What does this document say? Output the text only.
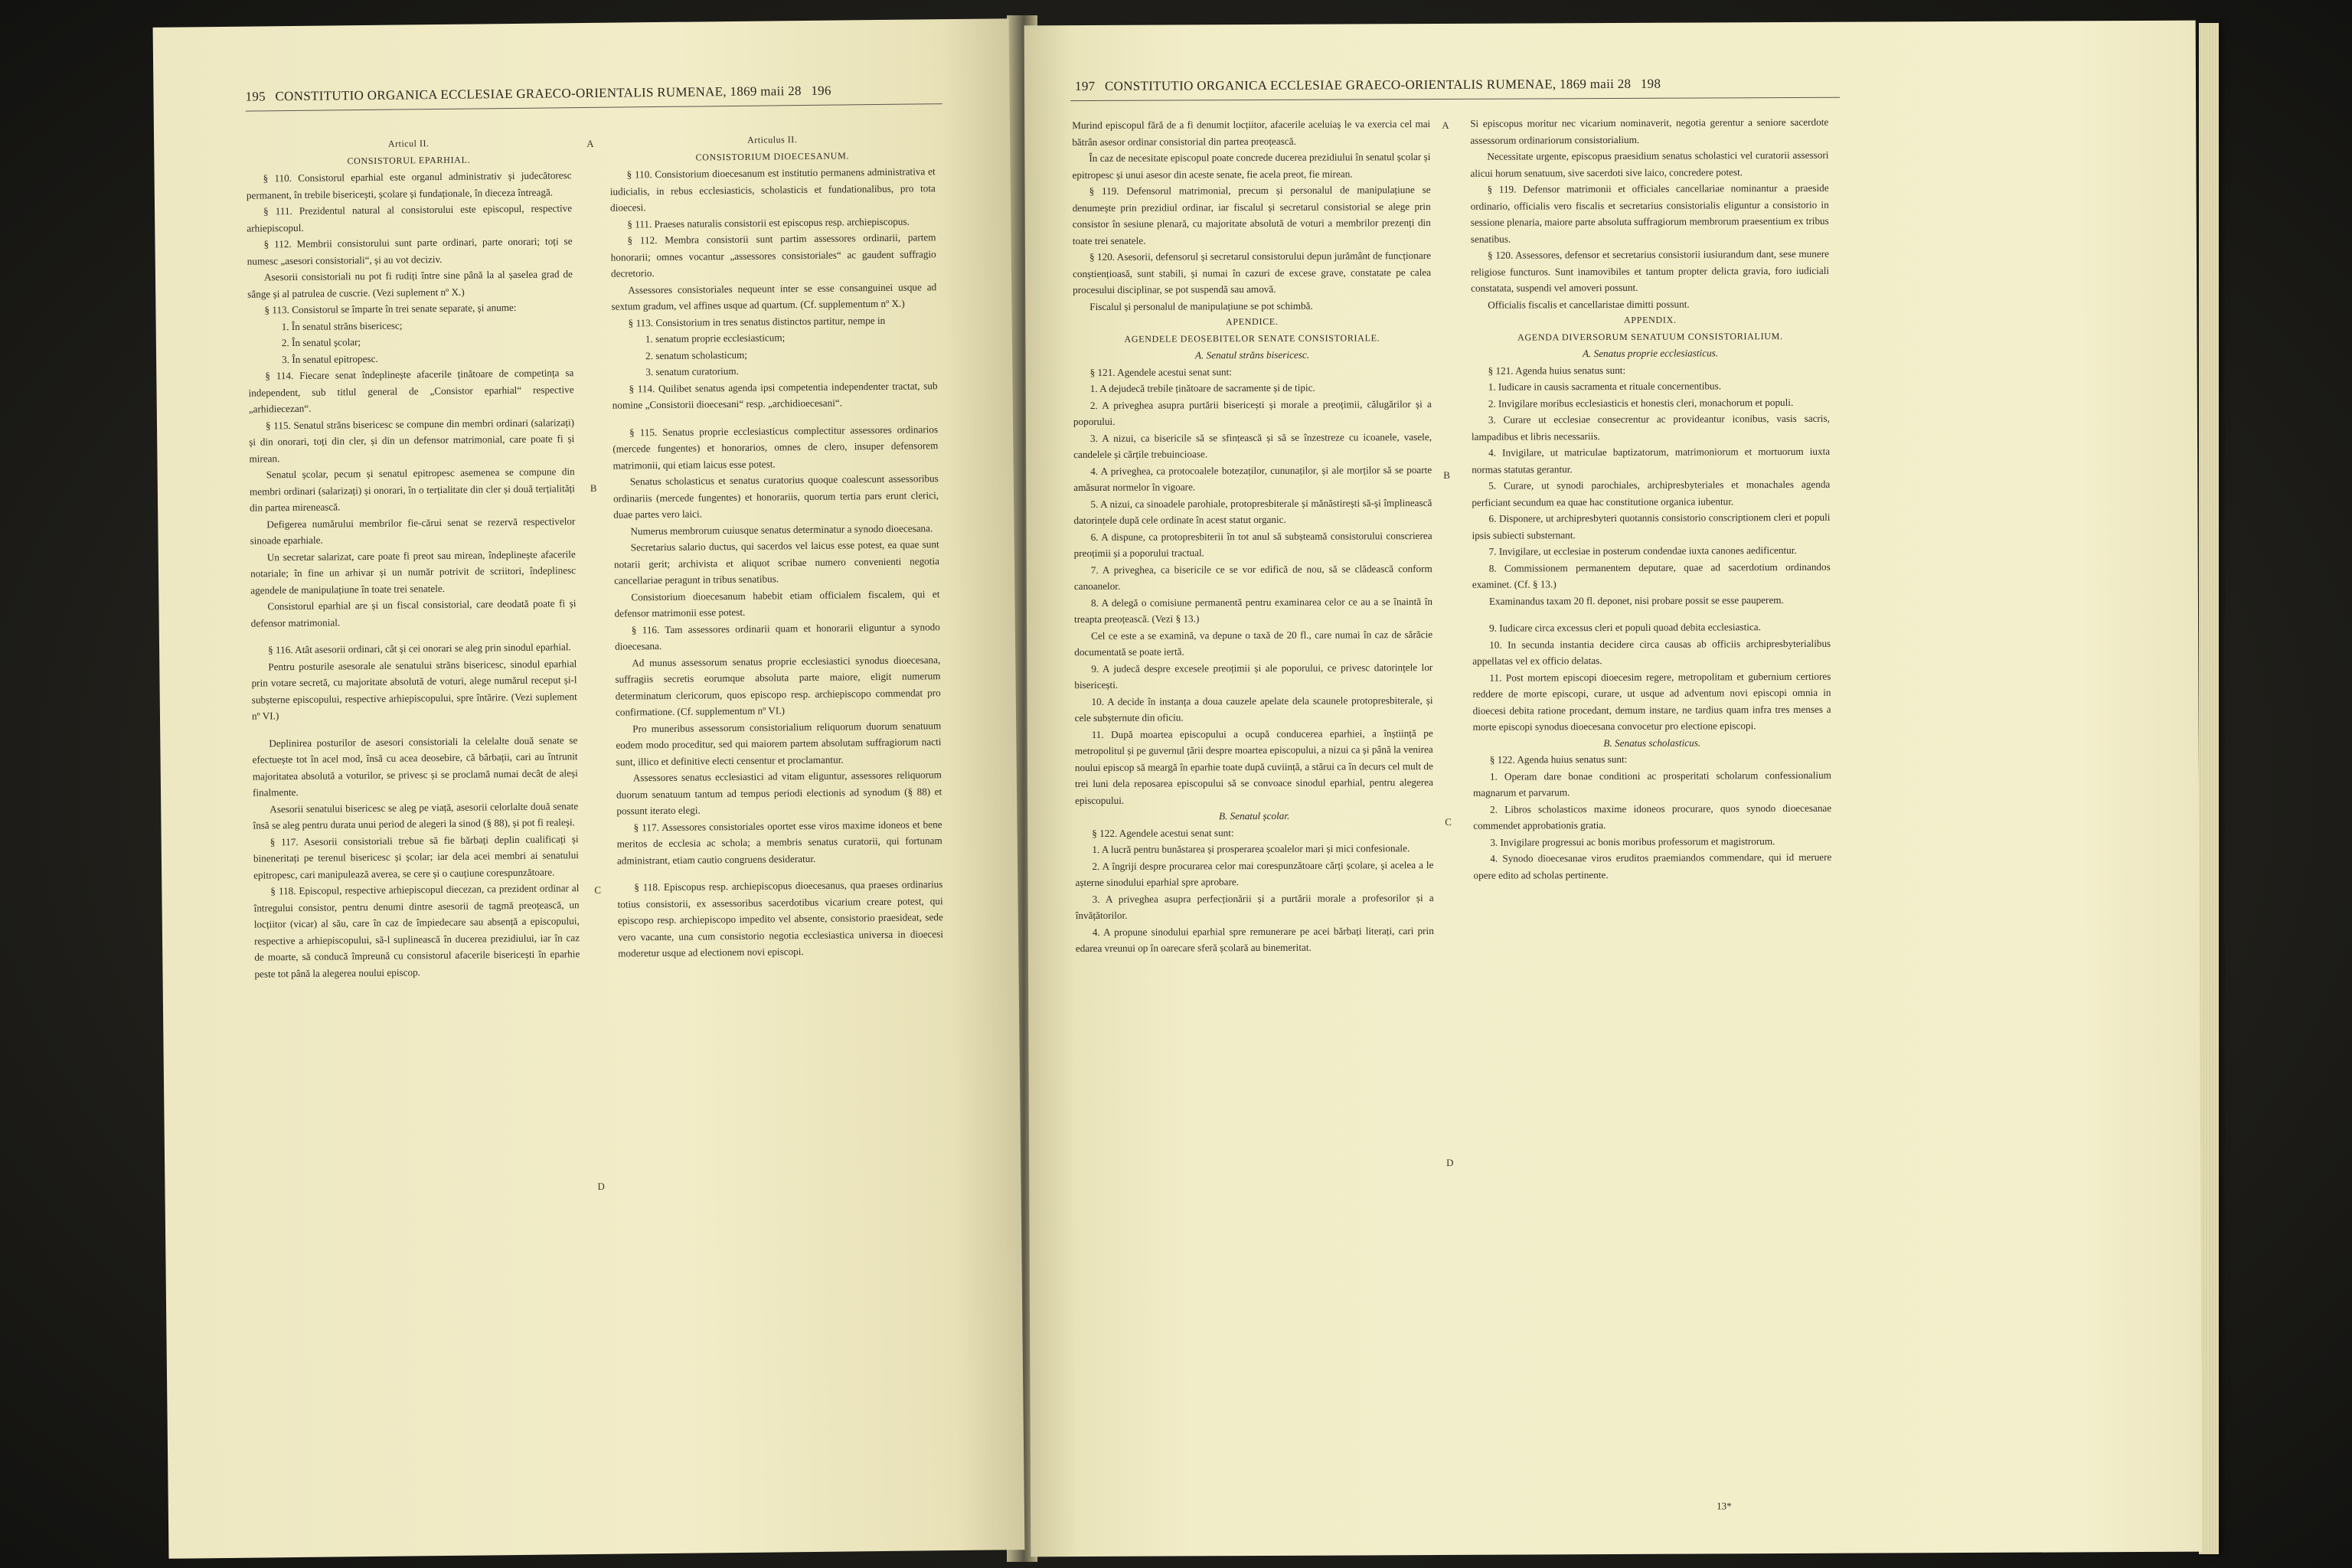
195 CONSTITUTIO ORGANICA ECCLESIAE GRAECO-ORIENTALIS RUMENAE, 1869 maii 28 196

Articul II.

CONSISTORUL EPARHIAL.

§ 110. Consistorul eparhial este organul administrativ și judecătoresc permanent, în trebile bisericești, școlare și fundaționale, în dieceza întreagă.

§ 111. Prezidentul natural al consistorului este episcopul, respective arhiepiscopul.

§ 112. Membrii consistorului sunt parte ordinari, parte onorari; toți se numesc „asesori consistoriali“, și au vot deciziv.

Asesorii consistoriali nu pot fi rudiți între sine până la al șaselea grad de sânge și al patrulea de cuscrie. (Vezi suplement nº X.)

§ 113. Consistorul se împarte în trei senate separate, și anume:

1. În senatul străns bisericesc;

2. În senatul școlar;

3. În senatul epitropesc.

§ 114. Fiecare senat îndeplinește afacerile ținătoare de competința sa independent, sub titlul general de „Consistor eparhial“ respective „arhidiecezan“.

§ 115. Senatul străns bisericesc se compune din membri ordinari (salarizați) și din onorari, toți din cler, și din un defensor matrimonial, care poate fi și mirean.

Senatul școlar, pecum și senatul epitropesc asemenea se compune din membri ordinari (salarizați) și onorari, în o terțialitate din cler și două terțialități din partea mirenească.

Defigerea numărului membrilor fie-cărui senat se rezervă respectivelor sinoade eparhiale.

Un secretar salarizat, care poate fi preot sau mirean, îndeplinește afacerile notariale; în fine un arhivar și un număr potrivit de scriitori, îndeplinesc agendele de manipulațiune în toate trei senatele.

Consistorul eparhial are și un fiscal consistorial, care deodată poate fi și defensor matrimonial.

§ 116. Atât asesorii ordinari, cât și cei onorari se aleg prin sinodul eparhial.

Pentru posturile asesorale ale senatului străns bisericesc, sinodul eparhial prin votare secretă, cu majoritate absolută de voturi, alege numărul receput și-l subșterne episcopului, respective arhiepiscopului, spre întărire. (Vezi suplement nº VI.)

Deplinirea posturilor de asesori consistoriali la celelalte două senate se efectuește tot în acel mod, însă cu acea deosebire, că bărbații, cari au întrunit majoritatea absolută a voturilor, se privesc și se proclamă numai decât de aleși finalmente.

Asesorii senatului bisericesc se aleg pe viață, asesorii celorlalte două senate însă se aleg pentru durata unui period de alegeri la sinod (§ 88), și pot fi realeși.

§ 117. Asesorii consistoriali trebue să fie bărbați deplin cualificați și bineneritați pe terenul bisericesc și școlar; iar dela acei membri ai senatului epitropesc, cari manipulează averea, se cere și o cauțiune corespunzătoare.

§ 118. Episcopul, respective arhiepiscopul diecezan, ca prezident ordinar al întregului consistor, pentru denumi dintre asesorii de tagmă preoțească, un locțiitor (vicar) al său, care în caz de împiedecare sau absență a episcopului, respective a arhiepiscopului, să-l suplinească în ducerea prezidiului, iar în caz de moarte, să conducă împreună cu consistorul afacerile bisericești în eparhie peste tot până la alegerea noului episcop.

Articulus II.

CONSISTORIUM DIOECESANUM.

§ 110. Consistorium dioecesanum est institutio permanens administrativa et iudicialis, in rebus ecclesiasticis, scholasticis et fundationalibus, pro tota dioecesi.

§ 111. Praeses naturalis consistorii est episcopus resp. archiepiscopus.

§ 112. Membra consistorii sunt partim assessores ordinarii, partem honorarii; omnes vocantur „assessores consistoriales“ ac gaudent suffragio decretorio.

Assessores consistoriales nequeunt inter se esse consanguinei usque ad sextum gradum, vel affines usque ad quartum. (Cf. supplementum nº X.)

§ 113. Consistorium in tres senatus distinctos partitur, nempe in

1. senatum proprie ecclesiasticum;

2. senatum scholasticum;

3. senatum curatorium.

§ 114. Quilibet senatus agenda ipsi competentia independenter tractat, sub nomine „Consistorii dioecesani“ resp. „archidioecesani“.

§ 115. Senatus proprie ecclesiasticus complectitur assessores ordinarios (mercede fungentes) et honorarios, omnes de clero, insuper defensorem matrimonii, qui etiam laicus esse potest.

Senatus scholasticus et senatus curatorius quoque coalescunt assessoribus ordinariis (mercede fungentes) et honorariis, quorum tertia pars erunt clerici, duae partes vero laici.

Numerus membrorum cuiusque senatus determinatur a synodo dioecesana.

Secretarius salario ductus, qui sacerdos vel laicus esse potest, ea quae sunt notarii gerit; archivista et aliquot scribae numero convenienti negotia cancellariae peragunt in tribus senatibus.

Consistorium dioecesanum habebit etiam officialem fiscalem, qui et defensor matrimonii esse potest.

§ 116. Tam assessores ordinarii quam et honorarii eliguntur a synodo dioecesana.

Ad munus assessorum senatus proprie ecclesiastici synodus dioecesana, suffragiis secretis eorumque absoluta parte maiore, eligit numerum determinatum clericorum, quos episcopo resp. archiepiscopo commendat pro confirmatione. (Cf. supplementum nº VI.)

Pro muneribus assessorum consistorialium reliquorum duorum senatuum eodem modo proceditur, sed qui maiorem partem absolutam suffragiorum nacti sunt, illico et definitive electi censentur et proclamantur.

Assessores senatus ecclesiastici ad vitam eliguntur, assessores reliquorum duorum senatuum tantum ad tempus periodi electionis ad synodum (§ 88) et possunt iterato elegi.

§ 117. Assessores consistoriales oportet esse viros maxime idoneos et bene meritos de ecclesia ac schola; a membris senatus curatorii, qui fortunam administrant, etiam cautio congruens desideratur.

§ 118. Episcopus resp. archiepiscopus dioecesanus, qua praeses ordinarius totius consistorii, ex assessoribus sacerdotibus vicarium creare potest, qui episcopo resp. archiepiscopo impedito vel absente, consistorio praesideat, sede vero vacante, una cum consistorio negotia ecclesiastica universa in dioecesi moderetur usque ad electionem novi episcopi.

A
B
C
D
197 CONSTITUTIO ORGANICA ECCLESIAE GRAECO-ORIENTALIS RUMENAE, 1869 maii 28 198

Murind episcopul fără de a fi denumit locțiitor, afacerile aceluiaș le va exercia cel mai bătrân asesor ordinar consistorial din partea preoțească.

În caz de necesitate episcopul poate concrede ducerea prezidiului în senatul școlar și epitropesc și unui asesor din aceste senate, fie acela preot, fie mirean.

§ 119. Defensorul matrimonial, precum și personalul de manipulațiune se denumește prin prezidiul ordinar, iar fiscalul și secretarul consistorial se alege prin consistor în sesiune plenară, cu majoritate absolută de voturi a membrilor prezenți din toate trei senatele.

§ 120. Asesorii, defensorul și secretarul consistorului depun jurământ de funcționare conștiențioasă, sunt stabili, și numai în cazuri de excese grave, constatate pe calea procesului disciplinar, se pot suspendă sau amovă.

Fiscalul și personalul de manipulațiune se pot schimbă.

APENDICE.

AGENDELE DEOSEBITELOR SENATE CONSISTORIALE.

A. Senatul străns bisericesc.

§ 121. Agendele acestui senat sunt:

1. A dejudecă trebile ținătoare de sacramente și de tipic.

2. A priveghea asupra purtării bisericești și morale a preoțimii, călugărilor și a poporului.

3. A nizui, ca bisericile să se sfințească și să se înzestreze cu icoanele, vasele, candelele și cărțile trebuincioase.

4. A priveghea, ca protocoalele botezaților, cununaților, și ale morților să se poarte amăsurat normelor în vigoare.

5. A nizui, ca sinoadele parohiale, protopresbiterale și mănăstirești să-și împlinească datorințele după cele ordinate în acest statut organic.

6. A dispune, ca protopresbiterii în tot anul să subșteamă consistorului conscrierea preoțimii și a poporului tractual.

7. A priveghea, ca bisericile ce se vor edifică de nou, să se clădească conform canoanelor.

8. A delegă o comisiune permanentă pentru examinarea celor ce au a se înaintă în treapta preoțească. (Vezi § 13.)

Cel ce este a se examină, va depune o taxă de 20 fl., care numai în caz de sărăcie documentată se poate iertă.

9. A judecă despre excesele preoțimii și ale poporului, ce privesc datorințele lor bisericești.

10. A decide în instanța a doua cauzele apelate dela scaunele protopresbiterale, și cele subșternute din oficiu.

11. După moartea episcopului a ocupă conducerea eparhiei, a înștiință pe metropolitul și pe guvernul țării despre moartea episcopului, a nizui ca și până la venirea noului episcop să meargă în eparhie toate după cuviință, a stărui ca în decurs cel mult de trei luni dela reposarea episcopului să se convoace sinodul eparhial, pentru alegerea episcopului.

B. Senatul școlar.

§ 122. Agendele acestui senat sunt:

1. A lucră pentru bunăstarea și prosperarea școalelor mari și mici confesionale.

2. A îngriji despre procurarea celor mai corespunzătoare cărți școlare, și acelea a le așterne sinodului eparhial spre aprobare.

3. A priveghea asupra perfecționării și a purtării morale a profesorilor și a învățătorilor.

4. A propune sinodului eparhial spre remunerare pe acei bărbați literați, cari prin edarea vreunui op în oarecare sferă școlară au binemeritat.

Si episcopus moritur nec vicarium nominaverit, negotia gerentur a seniore sacerdote assessorum ordinariorum consistorialium.

Necessitate urgente, episcopus praesidium senatus scholastici vel curatorii assessori alicui horum senatuum, sive sacerdoti sive laico, concredere potest.

§ 119. Defensor matrimonii et officiales cancellariae nominantur a praeside ordinario, officialis vero fiscalis et secretarius consistorialis eliguntur a consistorio in sessione plenaria, maiore parte absoluta suffragiorum membrorum praesentium ex tribus senatibus.

§ 120. Assessores, defensor et secretarius consistorii iusiurandum dant, sese munere religiose functuros. Sunt inamovibiles et tantum propter delicta gravia, foro iudiciali constatata, suspendi vel amoveri possunt.

Officialis fiscalis et cancellaristae dimitti possunt.

APPENDIX.

AGENDA DIVERSORUM SENATUUM CONSISTORIALIUM.

A. Senatus proprie ecclesiasticus.

§ 121. Agenda huius senatus sunt:

1. Iudicare in causis sacramenta et rituale concernentibus.

2. Invigilare moribus ecclesiasticis et honestis cleri, monachorum et populi.

3. Curare ut ecclesiae consecrentur ac provideantur iconibus, vasis sacris, lampadibus et libris necessariis.

4. Invigilare, ut matriculae baptizatorum, matrimoniorum et mortuorum iuxta normas statutas gerantur.

5. Curare, ut synodi parochiales, archipresbyteriales et monachales agenda perficiant secundum ea quae hac constitutione organica iubentur.

6. Disponere, ut archipresbyteri quotannis consistorio conscriptionem cleri et populi ipsis subiecti substernant.

7. Invigilare, ut ecclesiae in posterum condendae iuxta canones aedificentur.

8. Commissionem permanentem deputare, quae ad sacerdotium ordinandos examinet. (Cf. § 13.)

Examinandus taxam 20 fl. deponet, nisi probare possit se esse pauperem.

9. Iudicare circa excessus cleri et populi quoad debita ecclesiastica.

10. In secunda instantia decidere circa causas ab officiis archipresbyterialibus appellatas vel ex officio delatas.

11. Post mortem episcopi dioecesim regere, metropolitam et gubernium certiores reddere de morte episcopi, curare, ut usque ad adventum novi episcopi omnia in dioecesi debita ratione procedant, demum instare, ne tardius quam infra tres menses a morte episcopi synodus dioecesana convocetur pro electione episcopi.

B. Senatus scholasticus.

§ 122. Agenda huius senatus sunt:

1. Operam dare bonae conditioni ac prosperitati scholarum confessionalium magnarum et parvarum.

2. Libros scholasticos maxime idoneos procurare, quos synodo dioecesanae commendet approbationis gratia.

3. Invigilare progressui ac bonis moribus professorum et magistrorum.

4. Synodo dioecesanae viros eruditos praemiandos commendare, qui id meruere opere edito ad scholas pertinente.

A
B
C
D
13*
